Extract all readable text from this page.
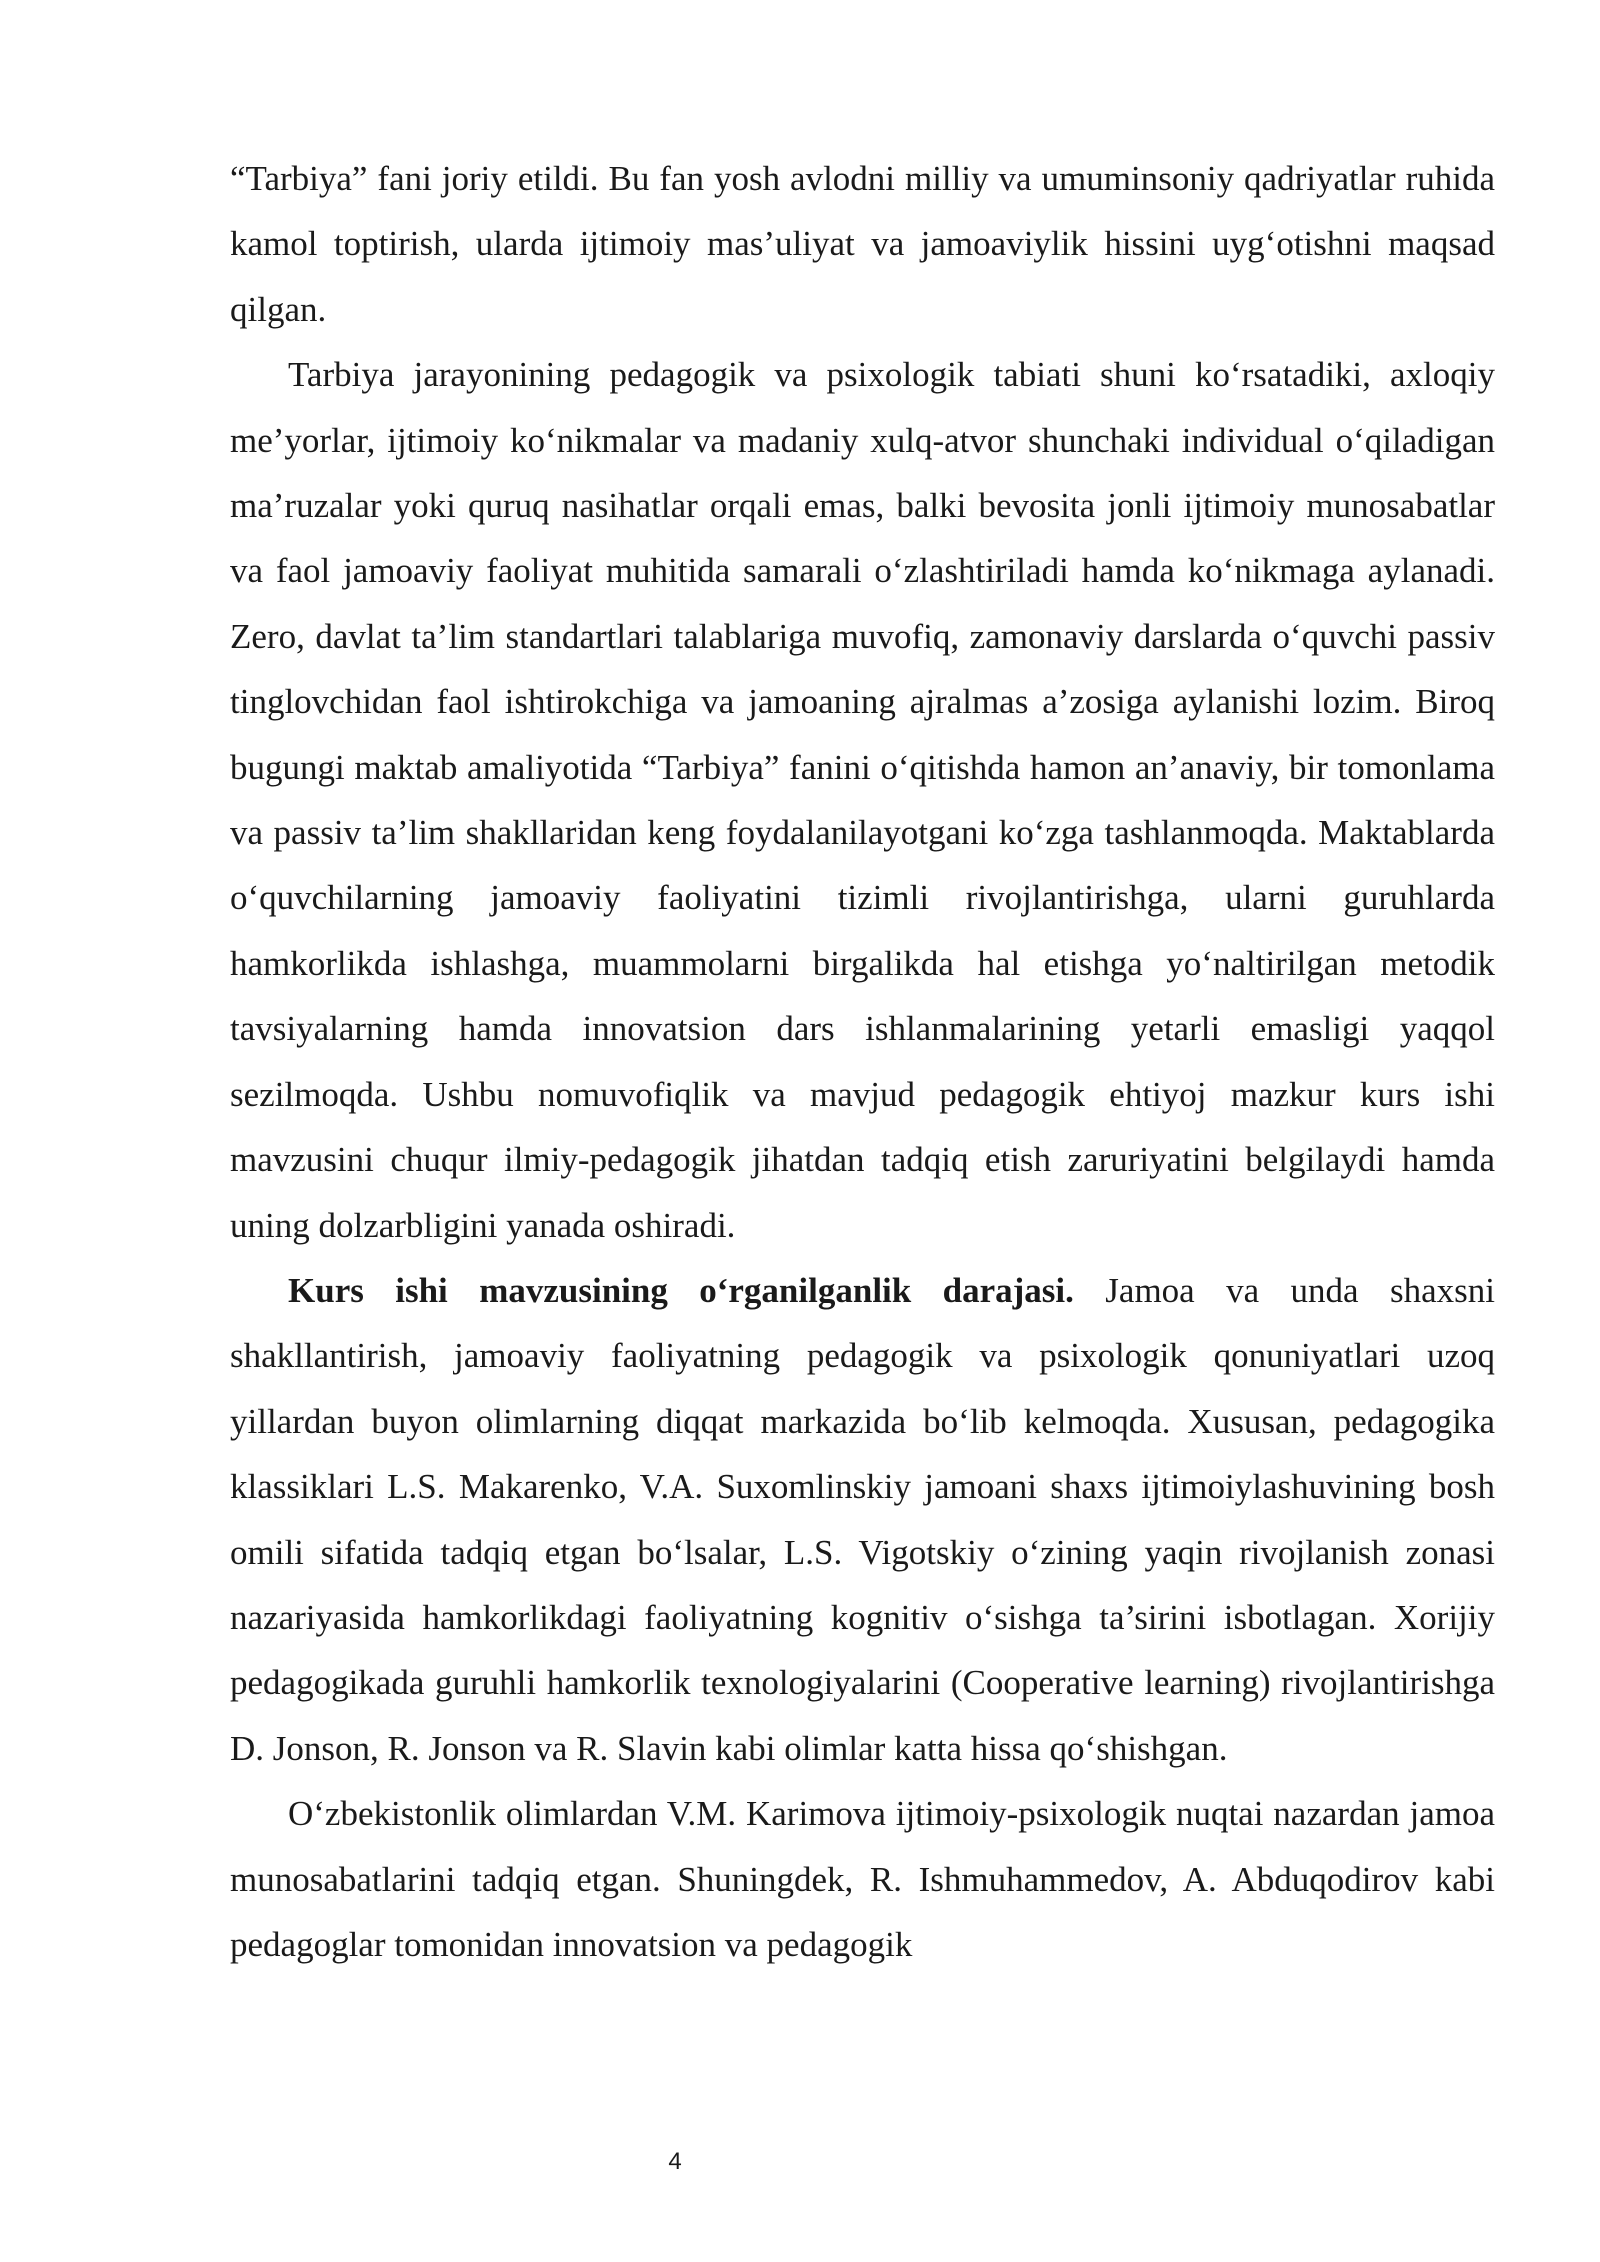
“Tarbiya” fani joriy etildi. Bu fan yosh avlodni milliy va umuminsoniy qadriyatlar ruhida kamol toptirish, ularda ijtimoiy mas’uliyat va jamoaviylik hissini uygʻotishni maqsad qilgan.

Tarbiya jarayonining pedagogik va psixologik tabiati shuni koʻrsatadiki, axloqiy me’yorlar, ijtimoiy koʻnikmalar va madaniy xulq-atvor shunchaki individual oʻqiladigan ma’ruzalar yoki quruq nasihatlar orqali emas, balki bevosita jonli ijtimoiy munosabatlar va faol jamoaviy faoliyat muhitida samarali oʻzlashtiriladi hamda koʻnikmaga aylanadi. Zero, davlat ta’lim standartlari talablariga muvofiq, zamonaviy darslarda oʻquvchi passiv tinglovchidan faol ishtirokchiga va jamoaning ajralmas a’zosiga aylanishi lozim. Biroq bugungi maktab amaliyotida “Tarbiya” fanini oʻqitishda hamon an’anaviy, bir tomonlama va passiv ta’lim shakllaridan keng foydalanilayotgani koʻzga tashlanmoqda. Maktablarda oʻquvchilarning jamoaviy faoliyatini tizimli rivojlantirishga, ularni guruhlarda hamkorlikda ishlashga, muammolarni birgalikda hal etishga yoʻnaltirilgan metodik tavsiyalarning hamda innovatsion dars ishlanmalarining yetarli emasligi yaqqol sezilmoqda. Ushbu nomuvofiqlik va mavjud pedagogik ehtiyoj mazkur kurs ishi mavzusini chuqur ilmiy-pedagogik jihatdan tadqiq etish zaruriyatini belgilaydi hamda uning dolzarbligini yanada oshiradi.

Kurs ishi mavzusining oʻrganilganlik darajasi. Jamoa va unda shaxsni shakllantirish, jamoaviy faoliyatning pedagogik va psixologik qonuniyatlari uzoq yillardan buyon olimlarning diqqat markazida boʻlib kelmoqda. Xususan, pedagogika klassiklari L.S. Makarenko, V.A. Suxomlinskiy jamoani shaxs ijtimoiylashuvining bosh omili sifatida tadqiq etgan boʻlsalar, L.S. Vigotskiy oʻzining yaqin rivojlanish zonasi nazariyasida hamkorlikdagi faoliyatning kognitiv oʻsishga ta’sirini isbotlagan. Xorijiy pedagogikada guruhli hamkorlik texnologiyalarini (Cooperative learning) rivojlantirishga D. Jonson, R. Jonson va R. Slavin kabi olimlar katta hissa qoʻshishgan.

Oʻzbekistonlik olimlardan V.M. Karimova ijtimoiy-psixologik nuqtai nazardan jamoa munosabatlarini tadqiq etgan. Shuningdek, R. Ishmuhammedov, A. Abduqodirov kabi pedagoglar tomonidan innovatsion va pedagogik

4
